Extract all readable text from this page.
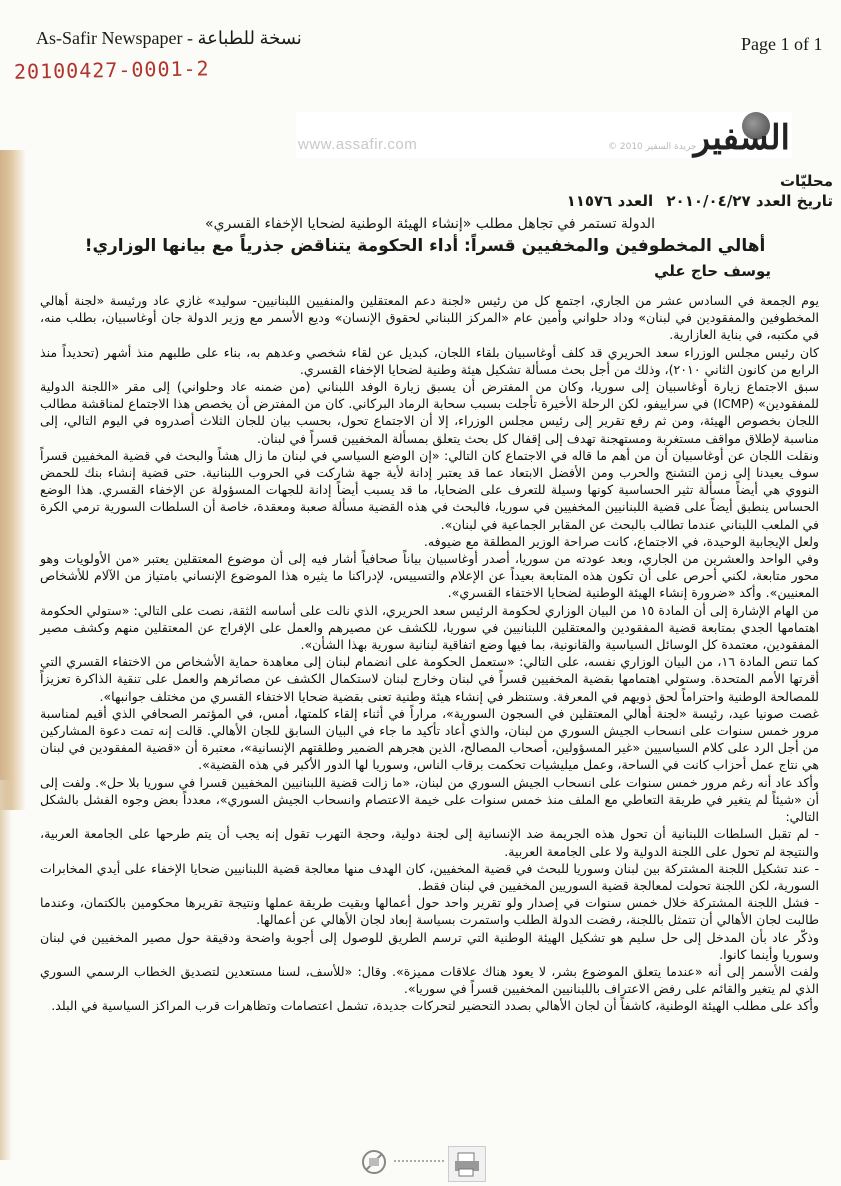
As-Safir Newspaper - نسخة للطباعة	Page 1 of 1
20100427-0001-2
www.assafir.com	© 2010 جريدة السفير
السفير
محليّات
تاريخ العدد ٢٠١٠/٠٤/٢٧ العدد ١١٥٧٦
الدولة تستمر في تجاهل مطلب «إنشاء الهيئة الوطنية لضحايا الإخفاء القسري»
أهالي المخطوفين والمخفيين قسراً: أداء الحكومة يتناقض جذرياً مع بيانها الوزاري!
يوسف حاج علي

يوم الجمعة في السادس عشر من الجاري، اجتمع كل من رئيس «لجنة دعم المعتقلين والمنفيين اللبنانيين- سوليد» غازي عاد ورئيسة «لجنة أهالي المخطوفين والمفقودين في لبنان» وداد حلواني وأمين عام «المركز اللبناني لحقوق الإنسان» وديع الأسمر مع وزير الدولة جان أوغاسبيان، بطلب منه، في مكتبه، في بناية العازارية.

كان رئيس مجلس الوزراء سعد الحريري قد كلف أوغاسبيان بلقاء اللجان، كبديل عن لقاء شخصي وعدهم به، بناء على طلبهم منذ أشهر (تحديداً منذ الرابع من كانون الثاني ٢٠١٠)، وذلك من أجل بحث مسألة تشكيل هيئة وطنية لضحايا الإخفاء القسري.

سبق الاجتماع زيارة أوغاسبيان إلى سوريا، وكان من المفترض أن يسبق زيارة الوفد اللبناني (من ضمنه عاد وحلواني) إلى مقر «اللجنة الدولية للمفقودين» (ICMP) في سراييفو، لكن الرحلة الأخيرة تأجلت بسبب سحابة الرماد البركاني. كان من المفترض أن يخصص هذا الاجتماع لمناقشة مطالب اللجان بخصوص الهيئة، ومن ثم رفع تقرير إلى رئيس مجلس الوزراء، إلا أن الاجتماع تحول، بحسب بيان للجان الثلاث أصدروه في اليوم التالي، إلى مناسبة لإطلاق مواقف مستغربة ومستهجنة تهدف إلى إقفال كل بحث يتعلق بمسألة المخفيين قسراً في لبنان.

ونقلت اللجان عن أوغاسبيان أن من أهم ما قاله في الاجتماع كان التالي: «إن الوضع السياسي في لبنان ما زال هشاً والبحث في قضية المخفيين قسراً سوف يعيدنا إلى زمن التشنج والحرب ومن الأفضل الابتعاد عما قد يعتبر إدانة لأية جهة شاركت في الحروب اللبنانية. حتى قضية إنشاء بنك للحمض النووي هي أيضاً مسألة تثير الحساسية كونها وسيلة للتعرف على الضحايا، ما قد يسبب أيضاً إدانة للجهات المسؤولة عن الإخفاء القسري. هذا الوضع الحساس ينطبق أيضاً على قضية اللبنانيين المخفيين في سوريا، فالبحث في هذه القضية مسألة صعبة ومعقدة، خاصة أن السلطات السورية ترمي الكرة في الملعب اللبناني عندما تطالب بالبحث عن المقابر الجماعية في لبنان».

ولعل الإيجابية الوحيدة، في الاجتماع، كانت صراحة الوزير المطلقة مع ضيوفه.

وفي الواحد والعشرين من الجاري، وبعد عودته من سوريا، أصدر أوغاسبيان بياناً صحافياً أشار فيه إلى أن موضوع المعتقلين يعتبر «من الأولويات وهو محور متابعة، لكني أحرص على أن تكون هذه المتابعة بعيداً عن الإعلام والتسييس، لإدراكنا ما يثيره هذا الموضوع الإنساني بامتياز من الآلام للأشخاص المعنيين». وأكد «ضرورة إنشاء الهيئة الوطنية لضحايا الاختفاء القسري».

من الهام الإشارة إلى أن المادة ١٥ من البيان الوزاري لحكومة الرئيس سعد الحريري، الذي نالت على أساسه الثقة، نصت على التالي: «ستولي الحكومة اهتمامها الجدي بمتابعة قضية المفقودين والمعتقلين اللبنانيين في سوريا، للكشف عن مصيرهم والعمل على الإفراج عن المعتقلين منهم وكشف مصير المفقودين، معتمدة كل الوسائل السياسية والقانونية، بما فيها وضع اتفاقية لبنانية سورية بهذا الشأن».

كما تنص المادة ١٦، من البيان الوزاري نفسه، على التالي: «ستعمل الحكومة على انضمام لبنان إلى معاهدة حماية الأشخاص من الاختفاء القسري التي أقرتها الأمم المتحدة. وستولي اهتمامها بقضية المخفيين قسراً في لبنان وخارج لبنان لاستكمال الكشف عن مصائرهم والعمل على تنقية الذاكرة تعزيزاً للمصالحة الوطنية واحتراماً لحق ذويهم في المعرفة. وستنظر في إنشاء هيئة وطنية تعنى بقضية ضحايا الاختفاء القسري من مختلف جوانبها».

غصت صونيا عيد، رئيسة «لجنة أهالي المعتقلين في السجون السورية»، مراراً في أثناء إلقاء كلمتها، أمس، في المؤتمر الصحافي الذي أقيم لمناسبة مرور خمس سنوات على انسحاب الجيش السوري من لبنان، والذي أعاد تأكيد ما جاء في البيان السابق للجان الأهالي. قالت إنه تمت دعوة المشاركين من أجل الرد على كلام السياسيين «غير المسؤولين، أصحاب المصالح، الذين هجرهم الضمير وطلقتهم الإنسانية»، معتبرة أن «قضية المفقودين في لبنان هي نتاج عمل أحزاب كانت في الساحة، وعمل ميليشيات تحكمت برقاب الناس، وسوريا لها الدور الأكبر في هذه القضية».

وأكد عاد أنه رغم مرور خمس سنوات على انسحاب الجيش السوري من لبنان، «ما زالت قضية اللبنانيين المخفيين قسرا في سوريا بلا حل». ولفت إلى أن «شيئاً لم يتغير في طريقة التعاطي مع الملف منذ خمس سنوات على خيمة الاعتصام وانسحاب الجيش السوري»، معدداً بعض وجوه الفشل بالشكل التالي:

- لم تقبل السلطات اللبنانية أن تحول هذه الجريمة ضد الإنسانية إلى لجنة دولية، وحجة التهرب تقول إنه يجب أن يتم طرحها على الجامعة العربية، والنتيجة لم تحول على اللجنة الدولية ولا على الجامعة العربية.

- عند تشكيل اللجنة المشتركة بين لبنان وسوريا للبحث في قضية المخفيين، كان الهدف منها معالجة قضية اللبنانيين ضحايا الإخفاء على أيدي المخابرات السورية، لكن اللجنة تحولت لمعالجة قضية السوريين المخفيين في لبنان فقط.

- فشل اللجنة المشتركة خلال خمس سنوات في إصدار ولو تقرير واحد حول أعمالها وبقيت طريقة عملها ونتيجة تقريرها محكومين بالكتمان، وعندما طالبت لجان الأهالي أن تتمثل باللجنة، رفضت الدولة الطلب واستمرت بسياسة إبعاد لجان الأهالي عن أعمالها.

وذكّر عاد بأن المدخل إلى حل سليم هو تشكيل الهيئة الوطنية التي ترسم الطريق للوصول إلى أجوبة واضحة ودقيقة حول مصير المخفيين في لبنان وسوريا وأينما كانوا.

ولفت الأسمر إلى أنه «عندما يتعلق الموضوع بشر، لا يعود هناك علاقات مميزة». وقال: «للأسف، لسنا مستعدين لتصديق الخطاب الرسمي السوري الذي لم يتغير والقائم على رفض الاعتراف باللبنانيين المخفيين قسراً في سوريا».

وأكد على مطلب الهيئة الوطنية، كاشفاً أن لجان الأهالي بصدد التحضير لتحركات جديدة، تشمل اعتصامات وتظاهرات قرب المراكز السياسية في البلد.
